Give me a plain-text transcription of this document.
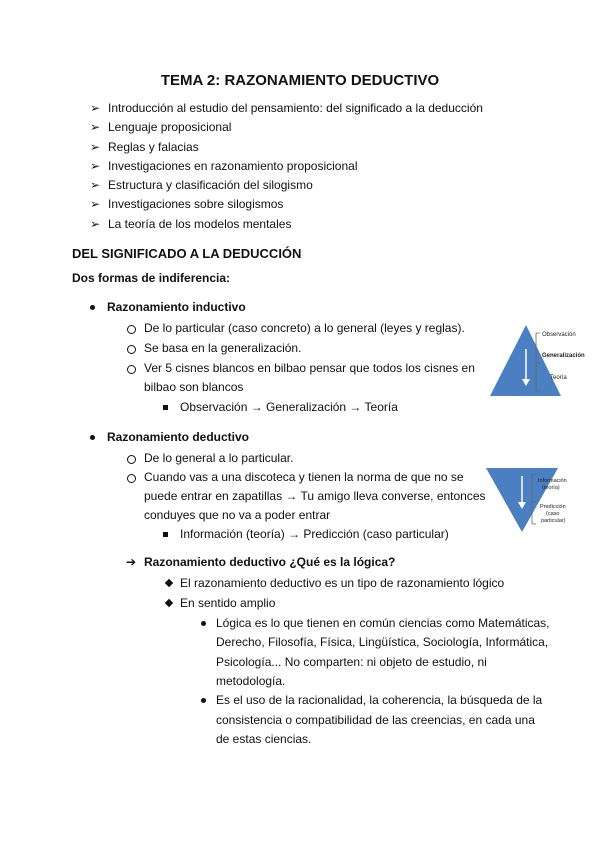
TEMA 2: RAZONAMIENTO DEDUCTIVO
➢ Introducción al estudio del pensamiento: del significado a la deducción
➢ Lenguaje proposicional
➢ Reglas y falacias
➢ Investigaciones en razonamiento proposicional
➢ Estructura y clasificación del silogismo
➢ Investigaciones sobre silogismos
➢ La teoría de los modelos mentales
DEL SIGNIFICADO A LA DEDUCCIÓN
Dos formas de indiferencia:
Razonamiento inductivo
De lo particular (caso concreto) a lo general (leyes y reglas).
Se basa en la generalización.
Ver 5 cisnes blancos en bilbao pensar que todos los cisnes en
bilbao son blancos
Observación → Generalización → Teoría
Observación
Generalización
Teoría
Razonamiento deductivo
De lo general a lo particular.
Cuando vas a una discoteca y tienen la norma de que no se
puede entrar en zapatillas → Tu amigo lleva converse, entonces
conduyes que no va a poder entrar
Información (teoría) → Predicción (caso particular)
Información
(teoría)
Predicción
(caso
particular)
➔ Razonamiento deductivo ¿Qué es la lógica?
El razonamiento deductivo es un tipo de razonamiento lógico
En sentido amplio
Lógica es lo que tienen en común ciencias como Matemáticas,
Derecho, Filosofía, Física, Lingüística, Sociología, Informática,
Psicología... No comparten: ni objeto de estudio, ni
metodología.
Es el uso de la racionalidad, la coherencia, la búsqueda de la
consistencia o compatibilidad de las creencias, en cada una
de estas ciencias.
